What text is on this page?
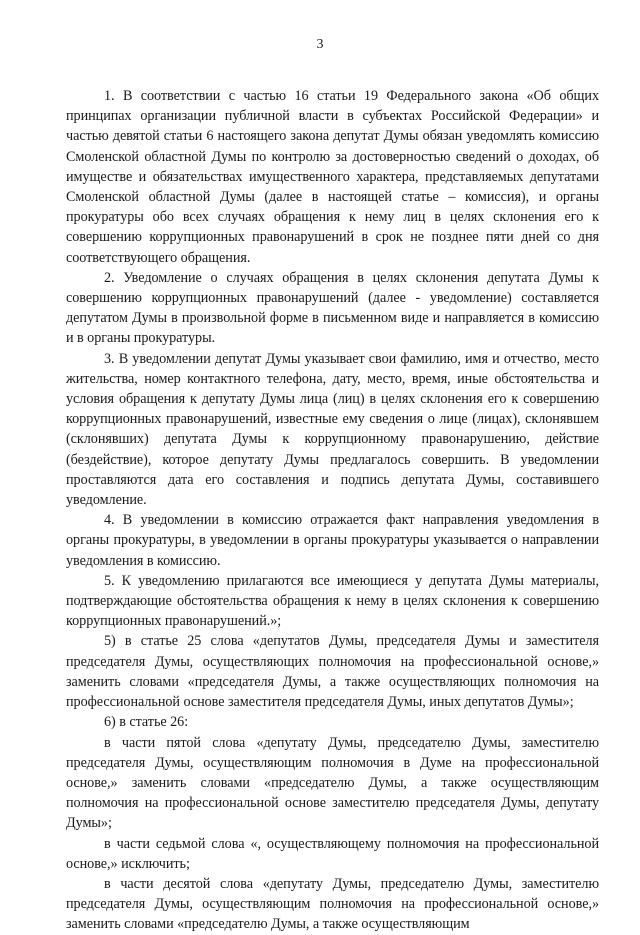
3

1. В соответствии с частью 16 статьи 19 Федерального закона «Об общих принципах организации публичной власти в субъектах Российской Федерации» и частью девятой статьи 6 настоящего закона депутат Думы обязан уведомлять комиссию Смоленской областной Думы по контролю за достоверностью сведений о доходах, об имуществе и обязательствах имущественного характера, представляемых депутатами Смоленской областной Думы (далее в настоящей статье – комиссия), и органы прокуратуры обо всех случаях обращения к нему лиц в целях склонения его к совершению коррупционных правонарушений в срок не позднее пяти дней со дня соответствующего обращения.

2. Уведомление о случаях обращения в целях склонения депутата Думы к совершению коррупционных правонарушений (далее - уведомление) составляется депутатом Думы в произвольной форме в письменном виде и направляется в комиссию и в органы прокуратуры.

3. В уведомлении депутат Думы указывает свои фамилию, имя и отчество, место жительства, номер контактного телефона, дату, место, время, иные обстоятельства и условия обращения к депутату Думы лица (лиц) в целях склонения его к совершению коррупционных правонарушений, известные ему сведения о лице (лицах), склонявшем (склонявших) депутата Думы к коррупционному правонарушению, действие (бездействие), которое депутату Думы предлагалось совершить. В уведомлении проставляются дата его составления и подпись депутата Думы, составившего уведомление.

4. В уведомлении в комиссию отражается факт направления уведомления в органы прокуратуры, в уведомлении в органы прокуратуры указывается о направлении уведомления в комиссию.

5. К уведомлению прилагаются все имеющиеся у депутата Думы материалы, подтверждающие обстоятельства обращения к нему в целях склонения к совершению коррупционных правонарушений.»;

5) в статье 25 слова «депутатов Думы, председателя Думы и заместителя председателя Думы, осуществляющих полномочия на профессиональной основе,» заменить словами «председателя Думы, а также осуществляющих полномочия на профессиональной основе заместителя председателя Думы, иных депутатов Думы»;

6) в статье 26:

в части пятой слова «депутату Думы, председателю Думы, заместителю председателя Думы, осуществляющим полномочия в Думе на профессиональной основе,» заменить словами «председателю Думы, а также осуществляющим полномочия на профессиональной основе заместителю председателя Думы, депутату Думы»;

в части седьмой слова «, осуществляющему полномочия на профессиональной основе,» исключить;

в части десятой слова «депутату Думы, председателю Думы, заместителю председателя Думы, осуществляющим полномочия на профессиональной основе,» заменить словами «председателю Думы, а также осуществляющим
